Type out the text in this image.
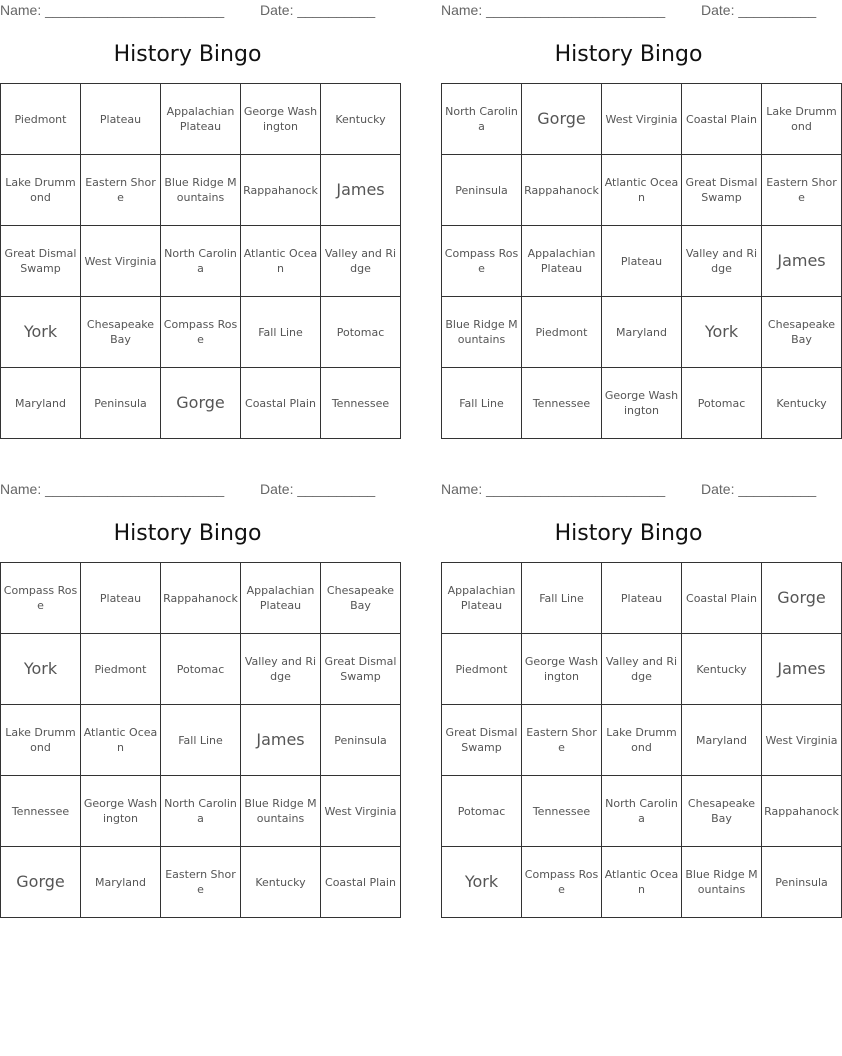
Name: _______________________	Date: __________
History Bingo
Piedmont	Plateau	Appalachian Plateau	George Washington	Kentucky
Lake Drummond	Eastern Shore	Blue Ridge Mountains	Rappahanock	James
Great Dismal Swamp	West Virginia	North Carolina	Atlantic Ocean	Valley and Ridge
York	Chesapeake Bay	Compass Rose	Fall Line	Potomac
Maryland	Peninsula	Gorge	Coastal Plain	Tennessee
Name: _______________________	Date: __________
History Bingo
North Carolina	Gorge	West Virginia	Coastal Plain	Lake Drummond
Peninsula	Rappahanock	Atlantic Ocean	Great Dismal Swamp	Eastern Shore
Compass Rose	Appalachian Plateau	Plateau	Valley and Ridge	James
Blue Ridge Mountains	Piedmont	Maryland	York	Chesapeake Bay
Fall Line	Tennessee	George Washington	Potomac	Kentucky
Name: _______________________	Date: __________
History Bingo
Compass Rose	Plateau	Rappahanock	Appalachian Plateau	Chesapeake Bay
York	Piedmont	Potomac	Valley and Ridge	Great Dismal Swamp
Lake Drummond	Atlantic Ocean	Fall Line	James	Peninsula
Tennessee	George Washington	North Carolina	Blue Ridge Mountains	West Virginia
Gorge	Maryland	Eastern Shore	Kentucky	Coastal Plain
Name: _______________________	Date: __________
History Bingo
Appalachian Plateau	Fall Line	Plateau	Coastal Plain	Gorge
Piedmont	George Washington	Valley and Ridge	Kentucky	James
Great Dismal Swamp	Eastern Shore	Lake Drummond	Maryland	West Virginia
Potomac	Tennessee	North Carolina	Chesapeake Bay	Rappahanock
York	Compass Rose	Atlantic Ocean	Blue Ridge Mountains	Peninsula
